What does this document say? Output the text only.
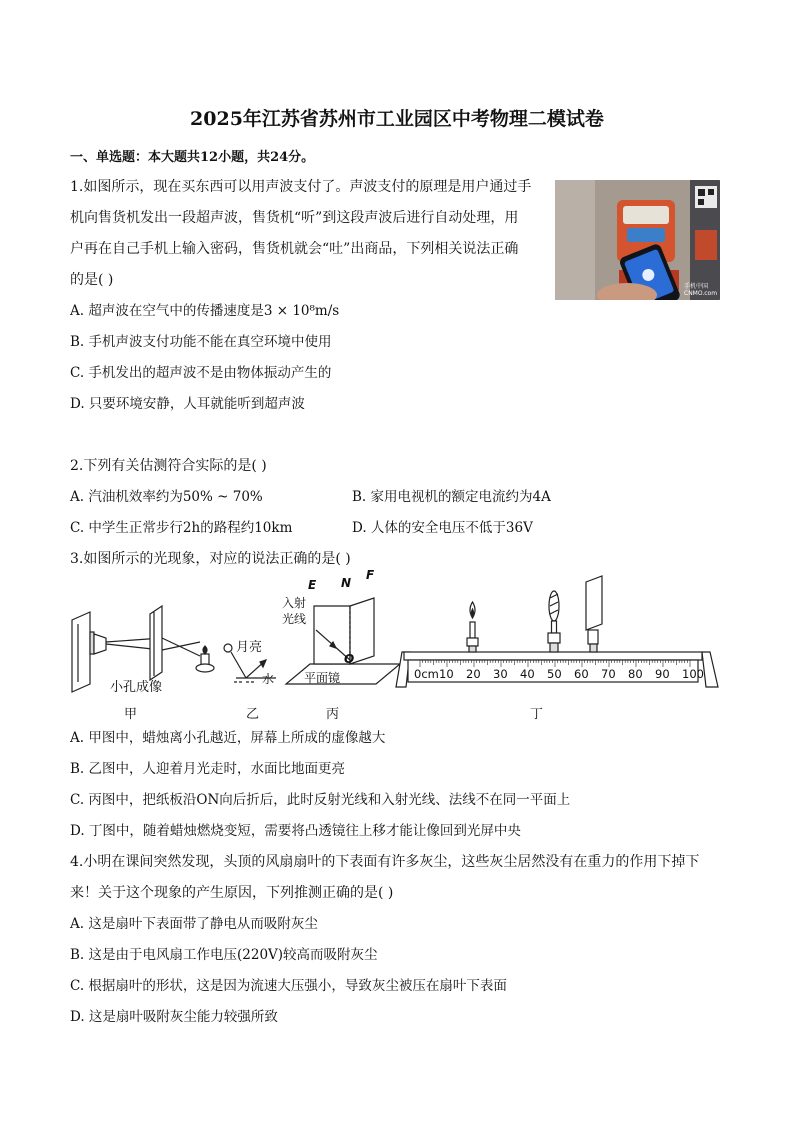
2025年江苏省苏州市工业园区中考物理二模试卷
一、单选题：本大题共12小题，共24分。
1.如图所示，现在买东西可以用声波支付了。声波支付的原理是用户通过手
机向售货机发出一段超声波，售货机“听”到这段声波后进行自动处理，用
户再在自己手机上输入密码，售货机就会“吐”出商品，下列相关说法正确
的是( )	手机中国 CNMO.com
A. 超声波在空气中的传播速度是3 × 10⁸m/s
B. 手机声波支付功能不能在真空环境中使用
C. 手机发出的超声波不是由物体振动产生的
D. 只要环境安静，人耳就能听到超声波
2.下列有关估测符合实际的是( )
A. 汽油机效率约为50% ~ 70%	B. 家用电视机的额定电流约为4A
C. 中学生正常步行2h的路程约10km	D. 人体的安全电压不低于36V
3.如图所示的光现象，对应的说法正确的是( )
小孔成像
月亮
水
E N
F
O
入射
光线
平面镜	0cm 10 20 30 40 50 60 70 80 90 100
甲	乙	丙	丁
A. 甲图中，蜡烛离小孔越近，屏幕上所成的虚像越大
B. 乙图中，人迎着月光走时，水面比地面更亮
C. 丙图中，把纸板沿ON向后折后，此时反射光线和入射光线、法线不在同一平面上
D. 丁图中，随着蜡烛燃烧变短，需要将凸透镜往上移才能让像回到光屏中央
4.小明在课间突然发现，头顶的风扇扇叶的下表面有许多灰尘，这些灰尘居然没有在重力的作用下掉下
来！关于这个现象的产生原因，下列推测正确的是( )
A. 这是扇叶下表面带了静电从而吸附灰尘
B. 这是由于电风扇工作电压(220V)较高而吸附灰尘
C. 根据扇叶的形状，这是因为流速大压强小，导致灰尘被压在扇叶下表面
D. 这是扇叶吸附灰尘能力较强所致
